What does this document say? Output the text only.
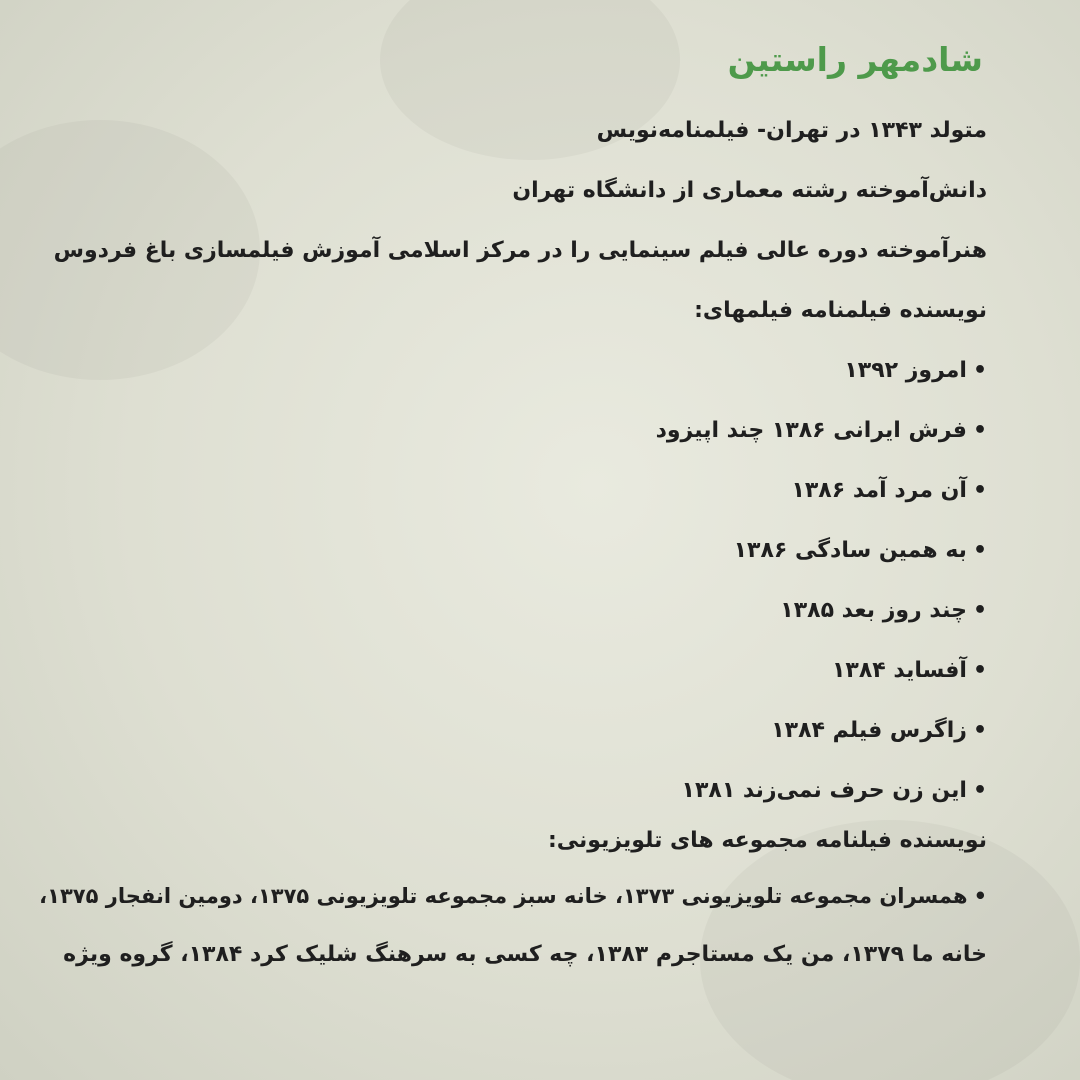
شادمهر راستین
متولد ۱۳۴۳ در تهران- فیلمنامه‌نویس
دانش‌آموخته رشته معماری از دانشگاه تهران
هنرآموخته دوره عالی فیلم سینمایی را در مرکز اسلامی آموزش فیلمسازی باغ فردوس
نویسنده فیلمنامه فیلمهای:
•امروز ۱۳۹۲
•فرش ایرانی ۱۳۸۶ چند اپیزود
•آن مرد آمد ۱۳۸۶
•به همین سادگی ۱۳۸۶
•چند روز بعد ۱۳۸۵
•آفساید ۱۳۸۴
•زاگرس فیلم ۱۳۸۴
•این زن حرف نمی‌زند ۱۳۸۱
نویسنده فیلنامه مجموعه های تلویزیونی:
•همسران مجموعه تلویزیونی ۱۳۷۳، خانه سبز مجموعه تلویزیونی ۱۳۷۵، دومین انفجار ۱۳۷۵،
خانه ما ۱۳۷۹، من یک مستاجرم ۱۳۸۳، چه کسی به سرهنگ شلیک کرد ۱۳۸۴، گروه ویژه
